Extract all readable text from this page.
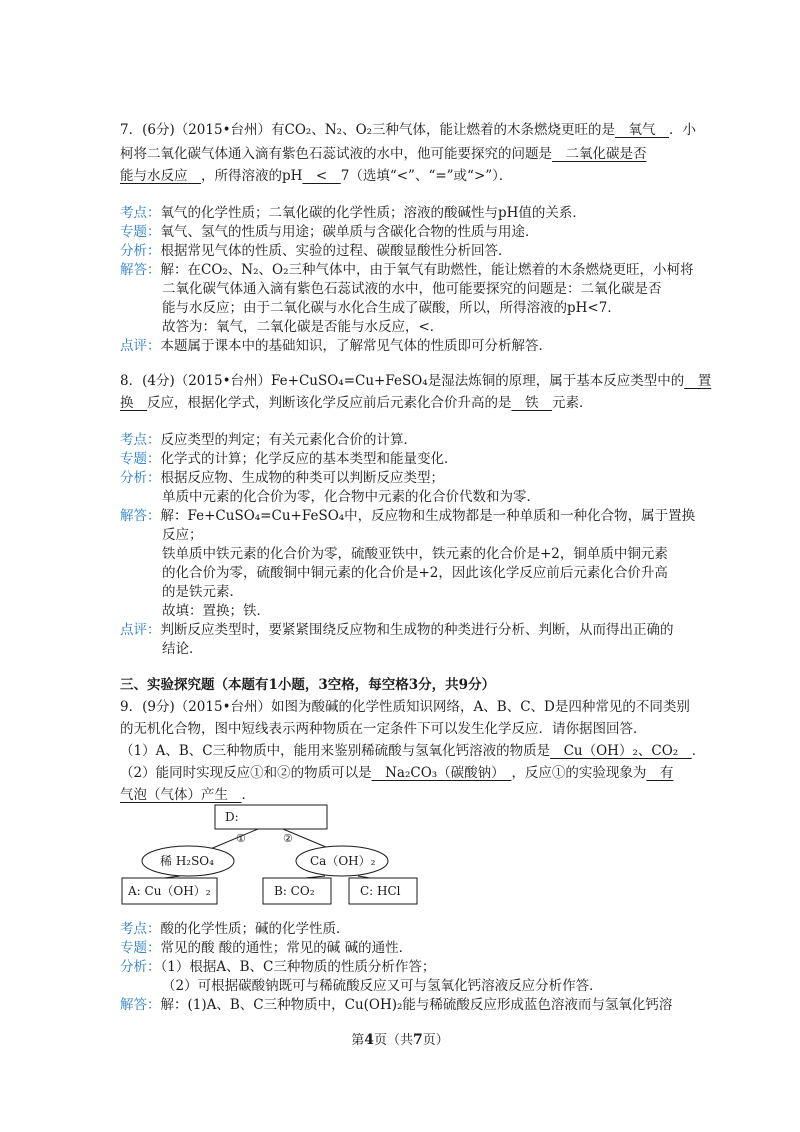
7．(6分)（2015•台州）有CO₂、N₂、O₂三种气体，能让燃着的木条燃烧更旺的是　氧气　．小
柯将二氧化碳气体通入滴有紫色石蕊试液的水中，他可能要探究的问题是　二氧化碳是否
能与水反应　，所得溶液的pH　<　7（选填“<”、“=”或“>”）．
考点：氧气的化学性质；二氧化碳的化学性质；溶液的酸碱性与pH值的关系．
专题：氧气、氢气的性质与用途；碳单质与含碳化合物的性质与用途．
分析：根据常见气体的性质、实验的过程、碳酸显酸性分析回答．
解答：解：在CO₂、N₂、O₂三种气体中，由于氧气有助燃性，能让燃着的木条燃烧更旺，小柯将
二氧化碳气体通入滴有紫色石蕊试液的水中，他可能要探究的问题是：二氧化碳是否
能与水反应；由于二氧化碳与水化合生成了碳酸，所以，所得溶液的pH<7．
故答为：氧气，二氧化碳是否能与水反应，<．
点评：本题属于课本中的基础知识，了解常见气体的性质即可分析解答．
8．(4分)（2015•台州）Fe+CuSO₄=Cu+FeSO₄是湿法炼铜的原理，属于基本反应类型中的　置
换　反应，根据化学式，判断该化学反应前后元素化合价升高的是　铁　元素．
考点：反应类型的判定；有关元素化合价的计算．
专题：化学式的计算；化学反应的基本类型和能量变化．
分析：根据反应物、生成物的种类可以判断反应类型；
单质中元素的化合价为零，化合物中元素的化合价代数和为零．
解答：解：Fe+CuSO₄=Cu+FeSO₄中，反应物和生成物都是一种单质和一种化合物，属于置换
反应；
铁单质中铁元素的化合价为零，硫酸亚铁中，铁元素的化合价是+2，铜单质中铜元素
的化合价为零，硫酸铜中铜元素的化合价是+2，因此该化学反应前后元素化合价升高
的是铁元素．
故填：置换；铁．
点评：判断反应类型时，要紧紧围绕反应物和生成物的种类进行分析、判断，从而得出正确的
结论．
三、实验探究题（本题有1小题，3空格，每空格3分，共9分）
9．(9分)（2015•台州）如图为酸碱的化学性质知识网络，A、B、C、D是四种常见的不同类别
的无机化合物，图中短线表示两种物质在一定条件下可以发生化学反应．请你据图回答．
（1）A、B、C三种物质中，能用来鉴别稀硫酸与氢氧化钙溶液的物质是　Cu（OH）₂、CO₂　．
（2）能同时实现反应①和②的物质可以是　Na₂CO₃（碳酸钠）　，反应①的实验现象为　有
气泡（气体）产生　．
D:
①	②
稀 H₂SO₄	Ca（OH）₂
A: Cu（OH）₂	B: CO₂	C: HCl
考点：酸的化学性质；碱的化学性质．
专题：常见的酸 酸的通性；常见的碱 碱的通性．
分析：（1）根据A、B、C三种物质的性质分析作答；
（2）可根据碳酸钠既可与稀硫酸反应又可与氢氧化钙溶液反应分析作答．
解答：解：(1)A、B、C三种物质中，Cu(OH)₂能与稀硫酸反应形成蓝色溶液而与氢氧化钙溶
第4页（共7页）
